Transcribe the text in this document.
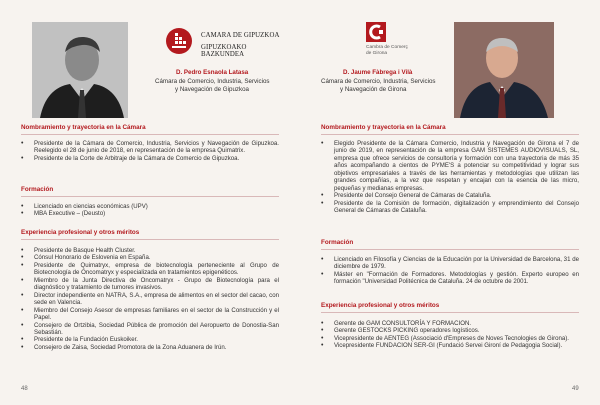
CAMARA DE GIPUZKOA
GIPUZKOAKO BAZKUNDEA
D. Pedro Esnaola Latasa
Cámara de Comercio, Industria, Servicios
y Navegación de Gipuzkoa
Nombramiento y trayectoria en la Cámara
• Presidente de la Cámara de Comercio, Industria, Servicios y Navegación de Gipuzkoa. Reelegido el 28 de junio de 2018, en representación de la empresa Quimatrix.
• Presidente de la Corte de Arbitraje de la Cámara de Comercio de Gipuzkoa.
Formación
• Licenciado en ciencias económicas (UPV)
• MBA Executive – (Deusto)
Experiencia profesional y otros méritos
• Presidente de Basque Health Cluster.
• Cónsul Honorario de Eslovenia en España.
• Presidente de Quimatryx, empresa de biotecnología perteneciente al Grupo de Biotecnología de Oncomatryx y especializada en tratamientos epigenéticos.
• Miembro de la Junta Directiva de Oncomatryx - Grupo de Biotecnología para el diagnóstico y tratamiento de tumores invasivos.
• Director independiente en NATRA, S.A., empresa de alimentos en el sector del cacao, con sede en Valencia.
• Miembro del Consejo Asesor de empresas familiares en el sector de la Construcción y el Papel.
• Consejero de Ortzibia, Sociedad Pública de promoción del Aeropuerto de Donostia-San Sebastián.
• Presidente de la Fundación Euskoiker.
• Consejero de Zaisa, Sociedad Promotora de la Zona Aduanera de Irún.
48
Cambra de Comerç
de Girona
D. Jaume Fàbrega i Vilà
Cámara de Comercio, Industria, Servicios
y Navegación de Girona
Nombramiento y trayectoria en la Cámara
• Elegido Presidente de la Cámara Comercio, Industria y Navegación de Girona el 7 de junio de 2019, en representación de la empresa GAM SISTEMES AUDIOVISUALS, SL, empresa que ofrece servicios de consultoría y formación con una trayectoria de más 35 años acompañando a cientos de PYME'S a potenciar su competitividad y lograr sus objetivos empresariales a través de las herramientas y metodologías que utilizan las grandes compañías, a la vez que respetan y encajan con la esencia de las micro, pequeñas y medianas empresas.
• Presidente del Consejo General de Cámaras de Cataluña.
• Presidente de la Comisión de formación, digitalización y emprendimiento del Consejo General de Cámaras de Cataluña.
Formación
• Licenciado en Filosofía y Ciencias de la Educación por la Universidad de Barcelona, 31 de diciembre de 1979.
• Máster en "Formación de Formadores. Metodologías y gestión. Experto europeo en formación "Universidad Politécnica de Cataluña. 24 de octubre de 2001.
Experiencia profesional y otros méritos
• Gerente de GAM CONSULTORÍA Y FORMACION.
• Gerente GESTOCKS PICKING operadores logísticos.
• Vicepresidente de AENTEG (Associació d'Empreses de Noves Tecnologies de Girona).
• Vicepresidente FUNDACION SER-GI (Fundació Servei Gironí de Pedagogia Social).
49
